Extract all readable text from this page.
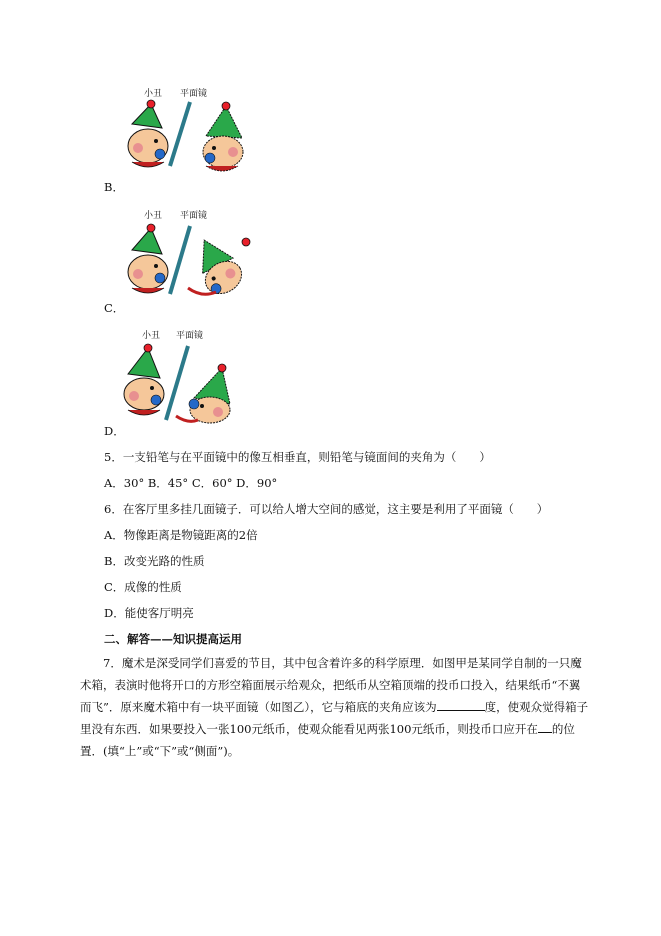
小丑 平面镜
B．
小丑 平面镜
C．
小丑 平面镜
D．
5．一支铅笔与在平面镜中的像互相垂直，则铅笔与镜面间的夹角为（　　）
A．30° B．45° C．60° D．90°
6．在客厅里多挂几面镜子．可以给人增大空间的感觉，这主要是利用了平面镜（　　）
A．物像距离是物镜距离的2倍
B．改变光路的性质
C．成像的性质
D．能使客厅明亮
二、解答——知识提高运用
7．魔术是深受同学们喜爱的节目，其中包含着许多的科学原理．如图甲是某同学自制的一只魔术箱，表演时他将开口的方形空箱面展示给观众，把纸币从空箱顶端的投币口投入，结果纸币“不翼而飞”．原来魔术箱中有一块平面镜（如图乙），它与箱底的夹角应该为	度，使观众觉得箱子里没有东西．如果要投入一张100元纸币，使观众能看见两张100元纸币，则投币口应开在 的位置．(填“上”或“下”或“侧面”)。
